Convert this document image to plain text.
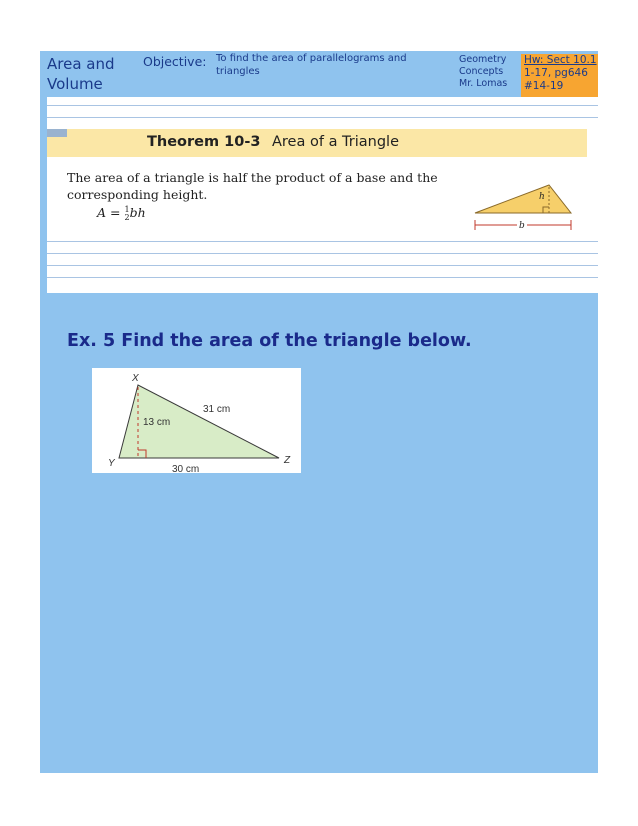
Area and
Volume
Objective: To find the area of parallelograms and triangles
Geometry
Concepts
Mr. Lomas
Hw: Sect 10.1
1-17, pg646
#14-19
Theorem 10-3 Area of a Triangle
The area of a triangle is half the product of a base and the corresponding height.
A = 1
2 bh
h
b
Ex. 5 Find the area of the triangle below.
X
Y	Z
13 cm
31 cm
30 cm
